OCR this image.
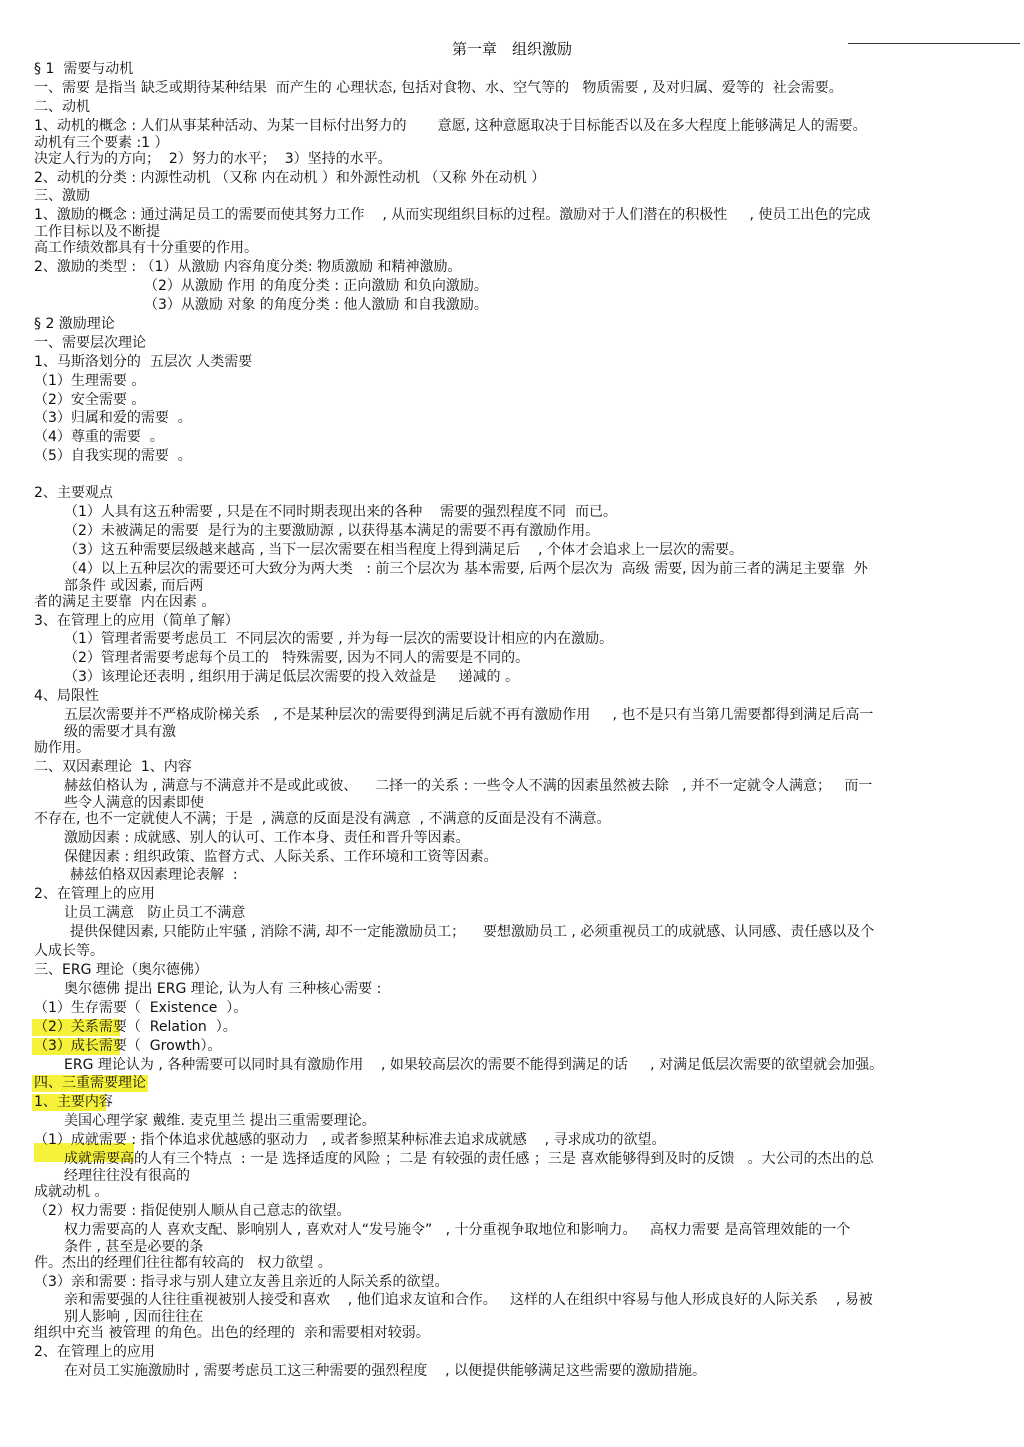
第一章　组织激励

§ 1  需要与动机

一、需要 是指当 缺乏或期待某种结果  而产生的 心理状态, 包括对食物、水、空气等的   物质需要 , 及对归属、爱等的  社会需要。

二、动机

1、动机的概念 : 人们从事某种活动、为某一目标付出努力的       意愿, 这种意愿取决于目标能否以及在多大程度上能够满足人的需要。

动机有三个要素 :1 ）

决定人行为的方向；  2）努力的水平；  3）坚持的水平。

2、动机的分类 : 内源性动机 （又称 内在动机 ）和外源性动机 （又称 外在动机 ）

三、激励

1、激励的概念 : 通过满足员工的需要而使其努力工作    , 从而实现组织目标的过程。激励对于人们潜在的积极性     , 使员工出色的完成

工作目标以及不断提

高工作绩效都具有十分重要的作用。

2、激励的类型 : （1）从激励 内容角度分类: 物质激励 和精神激励。

（2）从激励 作用 的角度分类 : 正向激励 和负向激励。

（3）从激励 对象 的角度分类 : 他人激励 和自我激励。

§ 2 激励理论

一、需要层次理论

1、马斯洛划分的  五层次 人类需要

（1）生理需要 。

（2）安全需要 。

（3）归属和爱的需要  。

（4）尊重的需要  。

（5）自我实现的需要  。

2、主要观点

（1）人具有这五种需要 , 只是在不同时期表现出来的各种    需要的强烈程度不同  而已。

（2）未被满足的需要  是行为的主要激励源 , 以获得基本满足的需要不再有激励作用。

（3）这五种需要层级越来越高 , 当下一层次需要在相当程度上得到满足后    , 个体才会追求上一层次的需要。

（4）以上五种层次的需要还可大致分为两大类   : 前三个层次为 基本需要, 后两个层次为  高级 需要, 因为前三者的满足主要靠  外

部条件 或因素, 而后两

者的满足主要靠  内在因素 。

3、在管理上的应用（简单了解）

（1）管理者需要考虑员工  不同层次的需要 , 并为每一层次的需要设计相应的内在激励。

（2）管理者需要考虑每个员工的   特殊需要, 因为不同人的需要是不同的。

（3）该理论还表明 , 组织用于满足低层次需要的投入效益是     递减的 。

4、局限性

五层次需要并不严格成阶梯关系   , 不是某种层次的需要得到满足后就不再有激励作用     , 也不是只有当第几需要都得到满足后高一

级的需要才具有激

励作用。

二、双因素理论  1、内容

赫兹伯格认为 , 满意与不满意并不是或此或彼、    二择一的关系 : 一些令人不满的因素虽然被去除   , 并不一定就令人满意；   而一

些令人满意的因素即使

不存在, 也不一定就使人不满；于是  , 满意的反面是没有满意  , 不满意的反面是没有不满意。

激励因素 : 成就感、别人的认可、工作本身、责任和晋升等因素。

保健因素 : 组织政策、监督方式、人际关系、工作环境和工资等因素。

赫兹伯格双因素理论表解  :

2、在管理上的应用

让员工满意   防止员工不满意

提供保健因素, 只能防止牢骚 , 消除不满, 却不一定能激励员工；    要想激励员工 , 必须重视员工的成就感、认同感、责任感以及个

人成长等。

三、ERG 理论（奥尔德佛）

奥尔德佛 提出 ERG 理论, 认为人有 三种核心需要 :

（1）生存需要（  Existence  ）。

（2）关系需要（  Relation  ）。

（3）成长需要（  Growth）。

ERG 理论认为 , 各种需要可以同时具有激励作用    , 如果较高层次的需要不能得到满足的话     , 对满足低层次需要的欲望就会加强。

四、三重需要理论

1、主要内容

美国心理学家 戴维. 麦克里兰 提出三重需要理论。

（1）成就需要 : 指个体追求优越感的驱动力   , 或者参照某种标准去追求成就感    , 寻求成功的欲望。

成就需要高的人有三个特点  : 一是 选择适度的风险 ；二是 有较强的责任感 ；三是 喜欢能够得到及时的反馈   。大公司的杰出的总

经理往往没有很高的

成就动机 。

（2）权力需要 : 指促使别人顺从自己意志的欲望。

权力需要高的人 喜欢支配、影响别人 , 喜欢对人“发号施令”   , 十分重视争取地位和影响力。   高权力需要 是高管理效能的一个

条件 , 甚至是必要的条

件。杰出的经理们往往都有较高的   权力欲望 。

（3）亲和需要 : 指寻求与别人建立友善且亲近的人际关系的欲望。

亲和需要强的人往往重视被别人接受和喜欢    , 他们追求友谊和合作。   这样的人在组织中容易与他人形成良好的人际关系    , 易被

别人影响 , 因而往往在

组织中充当 被管理 的角色。出色的经理的  亲和需要相对较弱。

2、在管理上的应用

在对员工实施激励时 , 需要考虑员工这三种需要的强烈程度    , 以便提供能够满足这些需要的激励措施。
